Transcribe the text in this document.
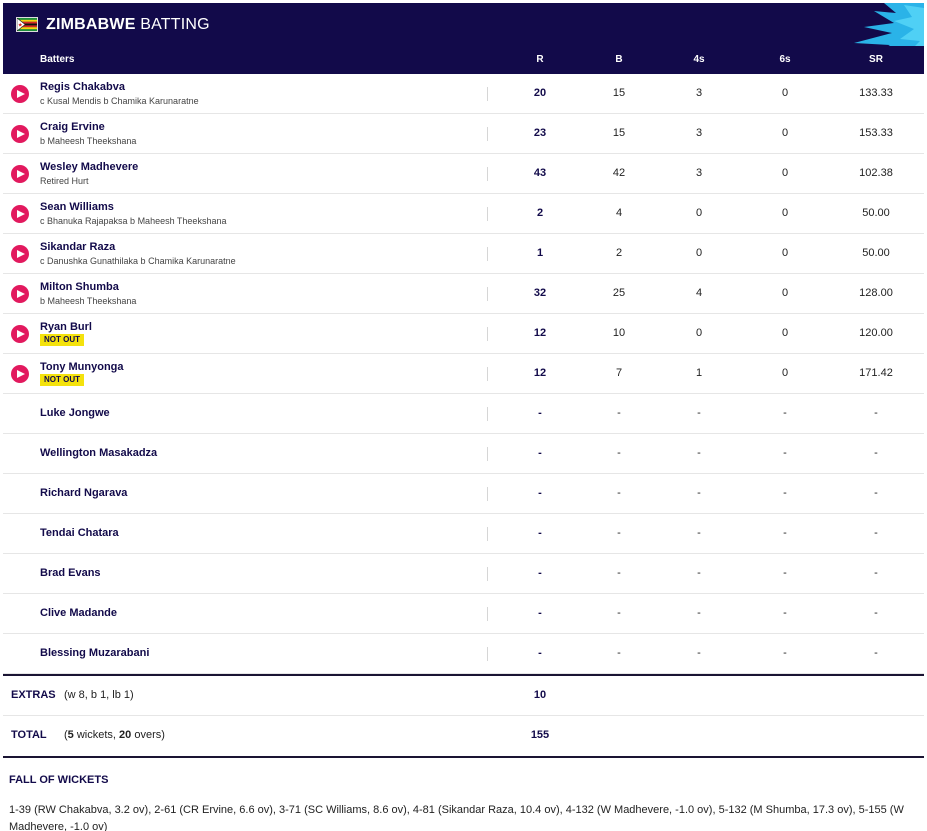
ZIMBABWE BATTING
Batters	R	B	4s	6s	SR
Regis Chakabva
c Kusal Mendis b Chamika Karunaratne
20	15	3	0	133.33
Craig Ervine
b Maheesh Theekshana
23	15	3	0	153.33
Wesley Madhevere
Retired Hurt
43	42	3	0	102.38
Sean Williams
c Bhanuka Rajapaksa b Maheesh Theekshana
2	4	0	0	50.00
Sikandar Raza
c Danushka Gunathilaka b Chamika Karunaratne
1	2	0	0	50.00
Milton Shumba
b Maheesh Theekshana
32	25	4	0	128.00
Ryan Burl
NOT OUT
12	10	0	0	120.00
Tony Munyonga
NOT OUT
12	7	1	0	171.42
Luke Jongwe	-	-	-	-	-
Wellington Masakadza	-	-	-	-	-
Richard Ngarava	-	-	-	-	-
Tendai Chatara	-	-	-	-	-
Brad Evans	-	-	-	-	-
Clive Madande	-	-	-	-	-
Blessing Muzarabani	-	-	-	-	-
EXTRAS (w 8, b 1, lb 1)	10
TOTAL (5 wickets, 20 overs)	155
FALL OF WICKETS
1-39 (RW Chakabva, 3.2 ov), 2-61 (CR Ervine, 6.6 ov), 3-71 (SC Williams, 8.6 ov), 4-81 (Sikandar Raza, 10.4 ov), 4-132 (W Madhevere, -1.0 ov), 5-132 (M Shumba, 17.3 ov), 5-155 (W Madhevere, -1.0 ov)
